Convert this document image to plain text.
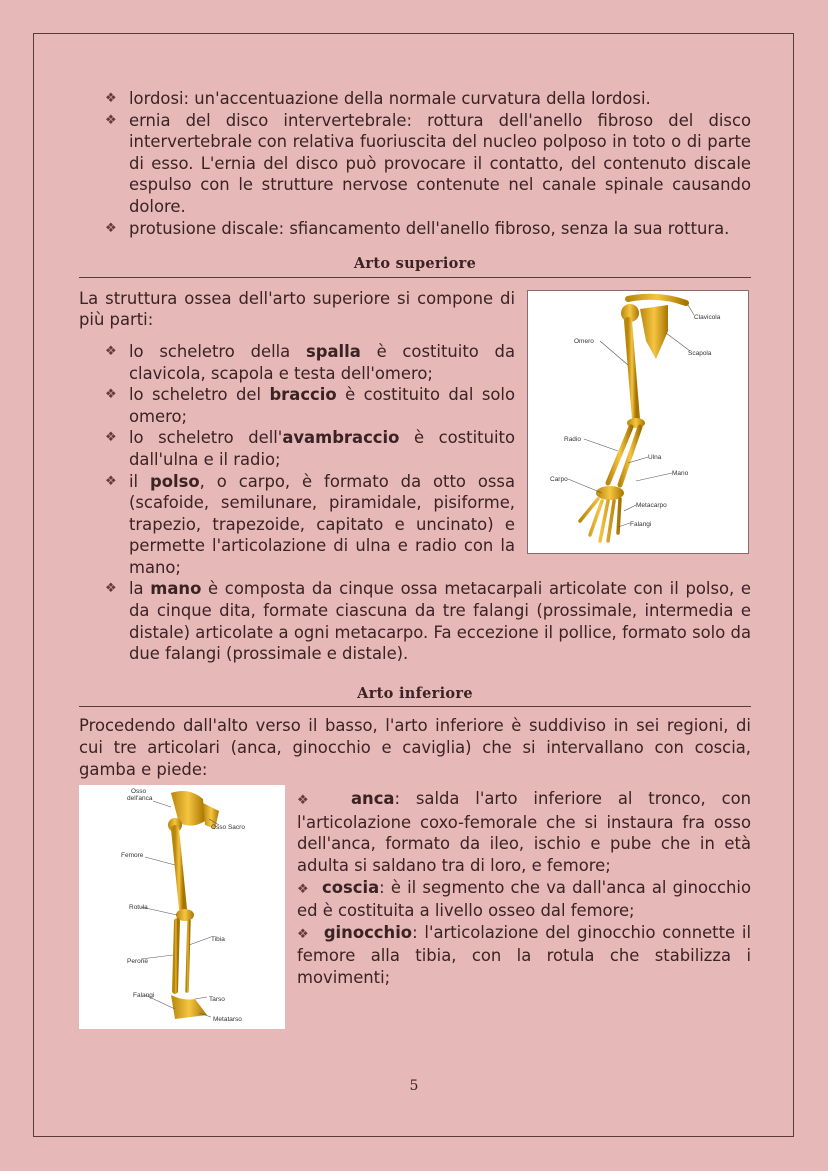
❖ lordosi: un'accentuazione della normale curvatura della lordosi.
❖ ernia del disco intervertebrale: rottura dell'anello fibroso del disco intervertebrale con relativa fuoriuscita del nucleo polposo in toto o di parte di esso. L'ernia del disco può provocare il contatto, del contenuto discale espulso con le strutture nervose contenute nel canale spinale causando dolore.
❖ protusione discale: sfiancamento dell'anello fibroso, senza la sua rottura.
Arto superiore

La struttura ossea dell'arto superiore si compone di più parti:

❖ lo scheletro della spalla è costituito da clavicola, scapola e testa dell'omero;
❖ lo scheletro del braccio è costituito dal solo omero;
❖ lo scheletro dell'avambraccio è costituito dall'ulna e il radio;
❖ il polso, o carpo, è formato da otto ossa (scafoide, semilunare, piramidale, pisiforme, trapezio, trapezoide, capitato e uncinato) e permette l'articolazione di ulna e radio con la mano;
❖ la mano è composta da cinque ossa metacarpali articolate con il polso, e da cinque dita, formate ciascuna da tre falangi (prossimale, intermedia e distale) articolate a ogni metacarpo. Fa eccezione il pollice, formato solo da due falangi (prossimale e distale).
Clavicola
Omero
Scapola
Radio
Ulna
Mano
Carpo
Metacarpo
Falangi
Arto inferiore

Procedendo dall'alto verso il basso, l'arto inferiore è suddiviso in sei regioni, di cui tre articolari (anca, ginocchio e caviglia) che si intervallano con coscia, gamba e piede:

❖ anca: salda l'arto inferiore al tronco, con l'articolazione coxo-femorale che si instaura fra osso dell'anca, formato da ileo, ischio e pube che in età adulta si saldano tra di loro, e femore;

❖ coscia: è il segmento che va dall'anca al ginocchio ed è costituita a livello osseo dal femore;

❖ ginocchio: l'articolazione del ginocchio connette il femore alla tibia, con la rotula che stabilizza i movimenti;

Osso
dell'anca
Osso Sacro
Femore
Rotula
Tibia
Perone
Falangi
Tarso
Metatarso
5
